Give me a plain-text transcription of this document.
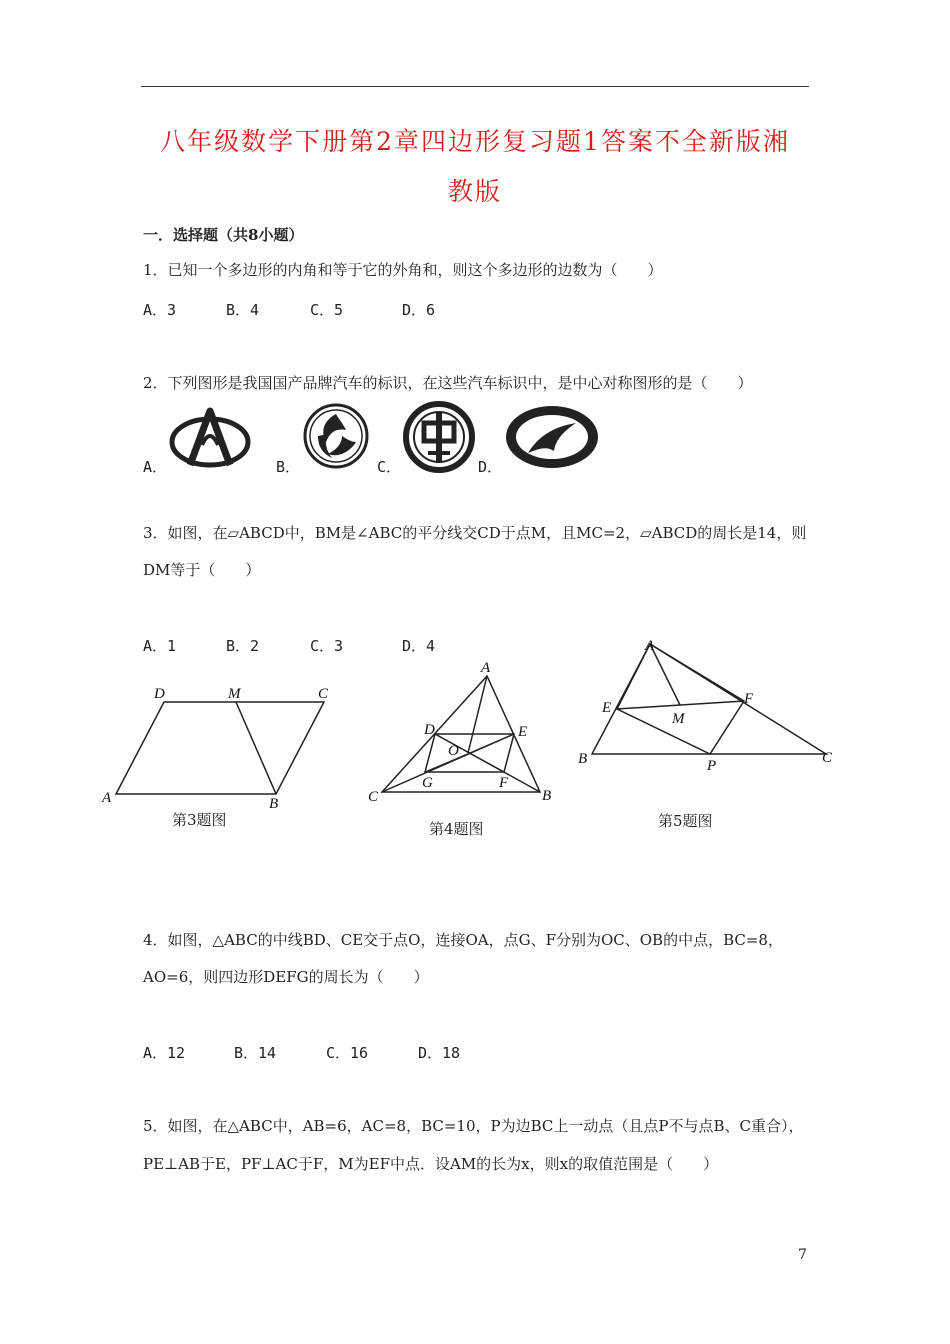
八年级数学下册第2章四边形复习题1答案不全新版湘
教版
一．选择题（共8小题）
1．已知一个多边形的内角和等于它的外角和，则这个多边形的边数为（　　）
A．3	B．4	C．5	D．6
2．下列图形是我国国产品牌汽车的标识，在这些汽车标识中，是中心对称图形的是（　　）
A．	B．	C．	D．
3．如图，在▱ABCD中，BM是∠ABC的平分线交CD于点M，且MC=2，▱ABCD的周长是14，则
DM等于（　　）
A．1	B．2	C．3	D．4
D	M	C
A	B
第3题图
A
D	E
O
G	F
C	B
第4题图
A
E
F
M
B	P	C
第5题图
4．如图，△ABC的中线BD、CE交于点O，连接OA，点G、F分别为OC、OB的中点，BC=8，
AO=6，则四边形DEFG的周长为（　　）
A．12	B．14	C．16	D．18
5．如图，在△ABC中，AB=6，AC=8，BC=10，P为边BC上一动点（且点P不与点B、C重合），
PE⊥AB于E，PF⊥AC于F，M为EF中点．设AM的长为x，则x的取值范围是（　　）
7
